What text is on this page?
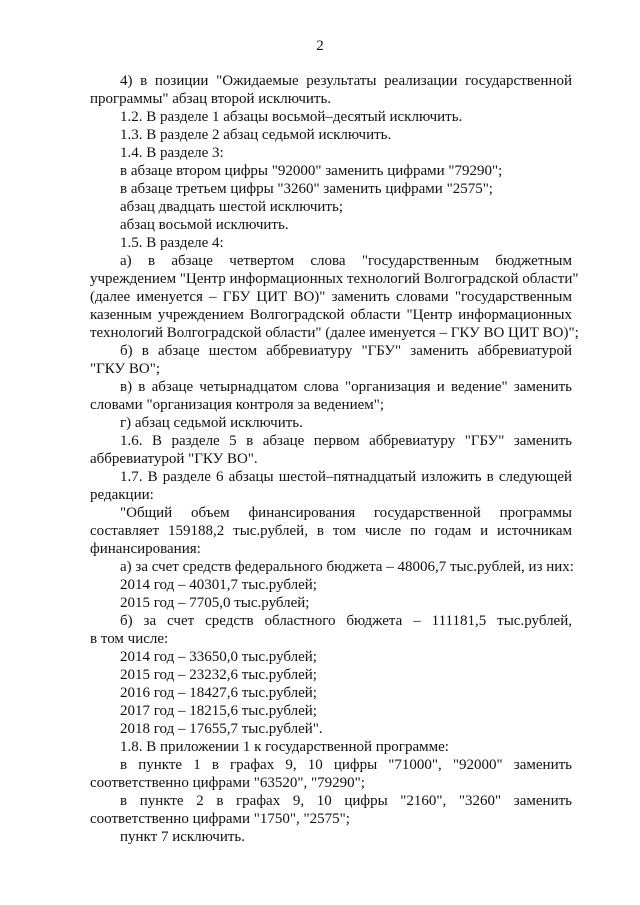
2
4) в позиции "Ожидаемые результаты реализации государственной
программы" абзац второй исключить.
1.2. В разделе 1 абзацы восьмой–десятый исключить.
1.3. В разделе 2 абзац седьмой исключить.
1.4. В разделе 3:
в абзаце втором цифры "92000" заменить цифрами "79290";
в абзаце третьем цифры "3260" заменить цифрами "2575";
абзац двадцать шестой исключить;
абзац восьмой исключить.
1.5. В разделе 4:
а) в абзаце четвертом слова "государственным бюджетным
учреждением "Центр информационных технологий Волгоградской области"
(далее именуется – ГБУ ЦИТ ВО)" заменить словами "государственным
казенным учреждением Волгоградской области "Центр информационных
технологий Волгоградской области" (далее именуется – ГКУ ВО ЦИТ ВО)";
б) в абзаце шестом аббревиатуру "ГБУ" заменить аббревиатурой
"ГКУ ВО";
в) в абзаце четырнадцатом слова "организация и ведение" заменить
словами "организация контроля за ведением";
г) абзац седьмой исключить.
1.6. В разделе 5 в абзаце первом аббревиатуру "ГБУ" заменить
аббревиатурой "ГКУ ВО".
1.7. В разделе 6 абзацы шестой–пятнадцатый изложить в следующей
редакции:
"Общий объем финансирования государственной программы
составляет 159188,2 тыс.рублей, в том числе по годам и источникам
финансирования:
а) за счет средств федерального бюджета – 48006,7 тыс.рублей, из них:
2014 год – 40301,7 тыс.рублей;
2015 год – 7705,0 тыс.рублей;
б) за счет средств областного бюджета – 111181,5 тыс.рублей,
в том числе:
2014 год – 33650,0 тыс.рублей;
2015 год – 23232,6 тыс.рублей;
2016 год – 18427,6 тыс.рублей;
2017 год – 18215,6 тыс.рублей;
2018 год – 17655,7 тыс.рублей".
1.8. В приложении 1 к государственной программе:
в пункте 1 в графах 9, 10 цифры "71000", "92000" заменить
соответственно цифрами "63520", "79290";
в пункте 2 в графах 9, 10 цифры "2160", "3260" заменить
соответственно цифрами "1750", "2575";
пункт 7 исключить.
